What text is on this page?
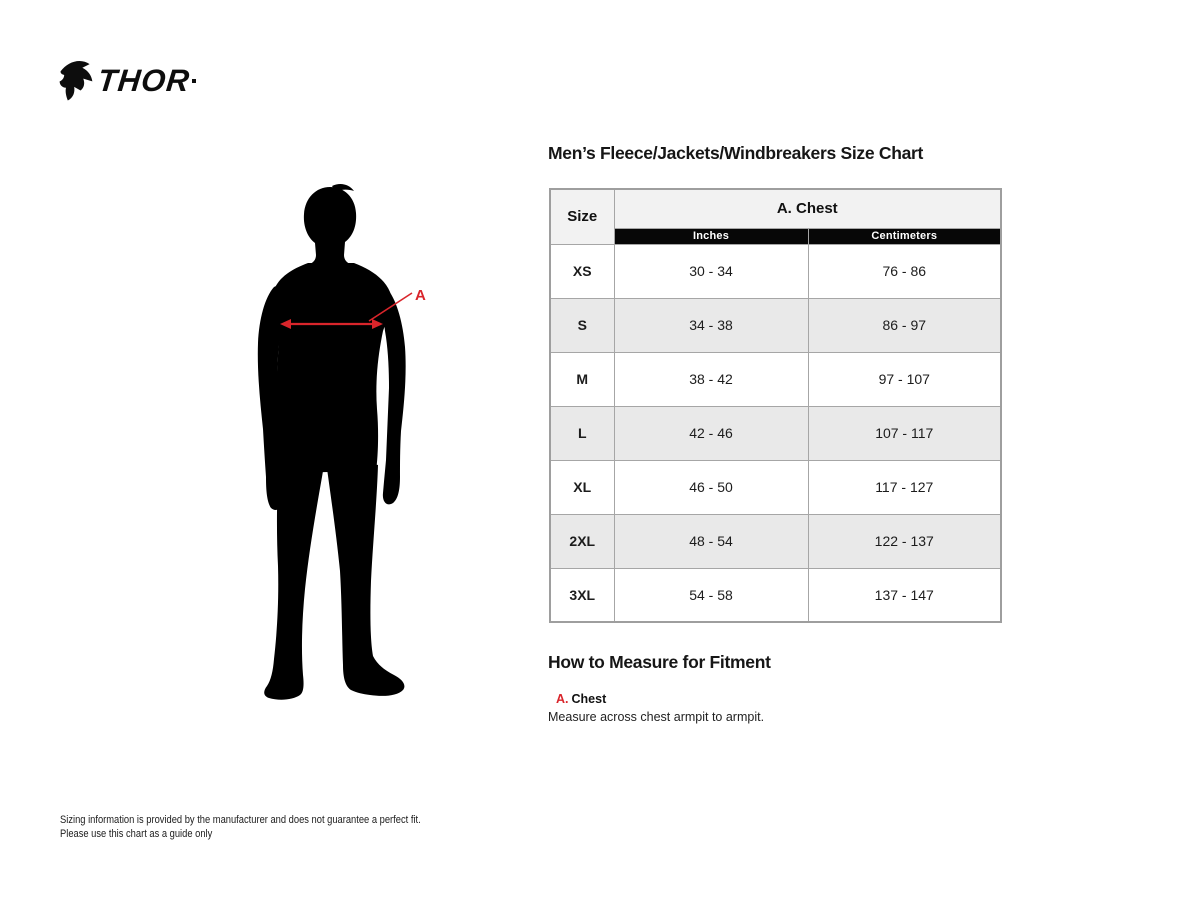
THOR
A
Men’s Fleece/Jackets/Windbreakers Size Chart
Size	A. Chest	
	Inches	Centimeters
XS	30 - 34	76 - 86
S	34 - 38	86 - 97
M	38 - 42	97 - 107
L	42 - 46	107 - 117
XL	46 - 50	117 - 127
2XL	48 - 54	122 - 137
3XL	54 - 58	137 - 147
How to Measure for Fitment
A. Chest
Measure across chest armpit to armpit.
Sizing information is provided by the manufacturer and does not guarantee a perfect fit.
Please use this chart as a guide only
